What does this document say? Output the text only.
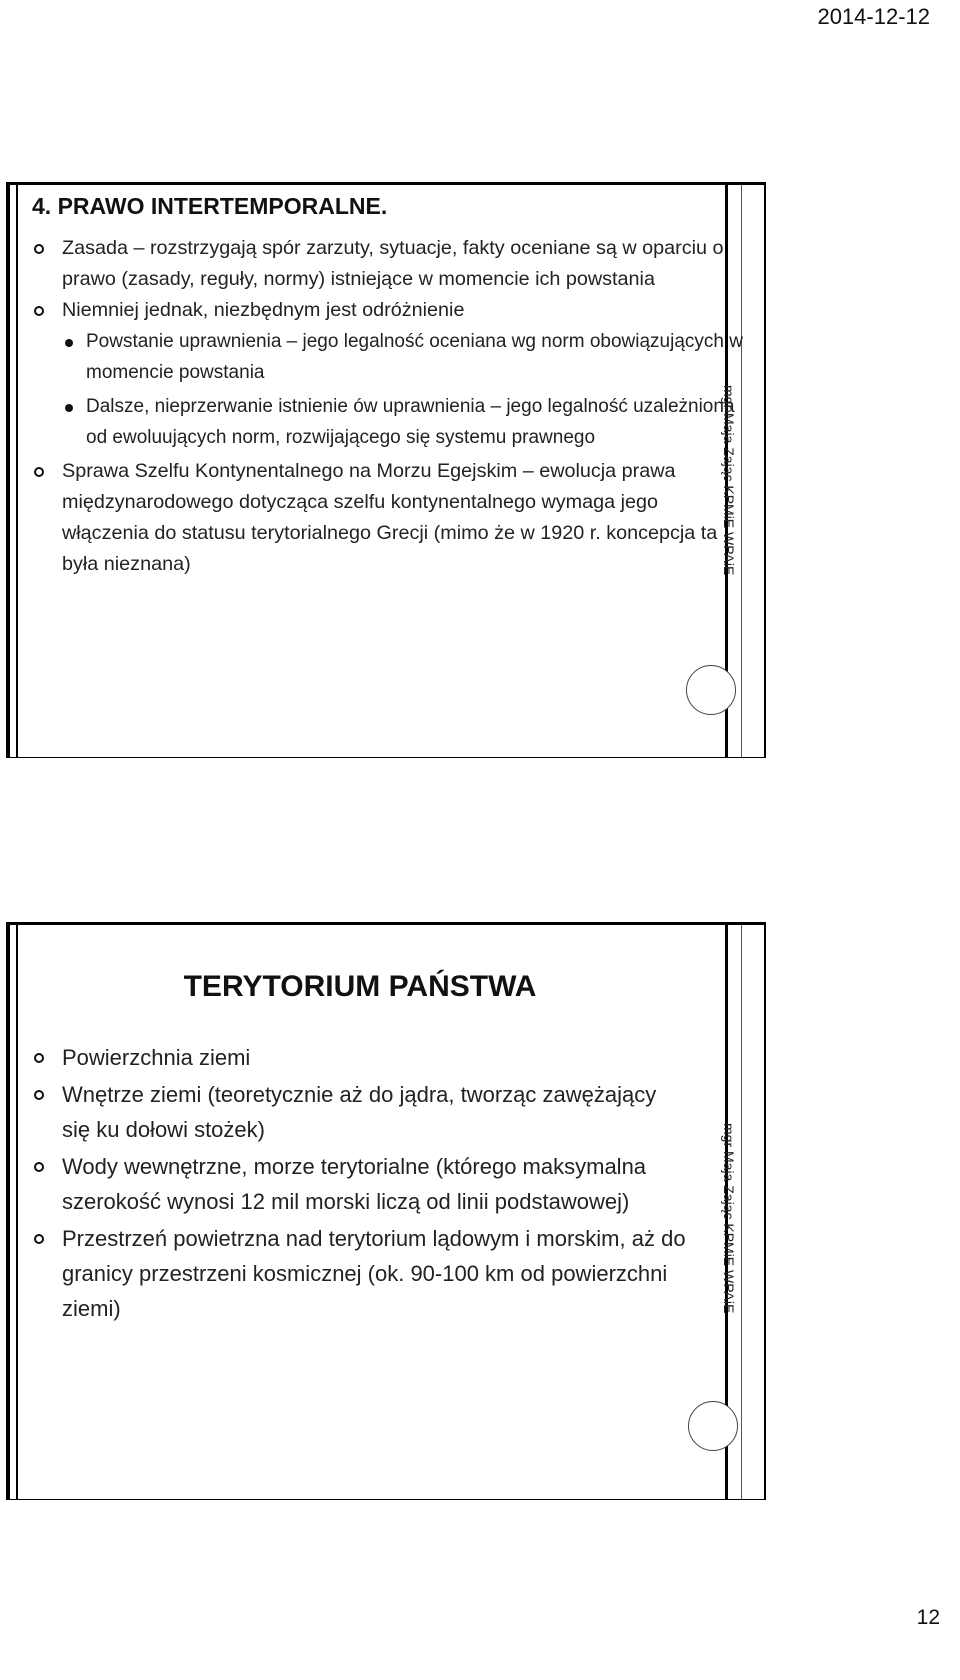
2014-12-12
mgr Maja Zając KPMiE WPAiE
4. PRAWO INTERTEMPORALNE.
Zasada – rozstrzygają spór zarzuty, sytuacje, fakty oceniane są w oparciu o prawo (zasady, reguły, normy) istniejące w momencie ich powstania
Niemniej jednak, niezbędnym jest odróżnienie
Powstanie uprawnienia – jego legalność oceniana wg norm obowiązujących w momencie powstania
Dalsze, nieprzerwanie istnienie ów uprawnienia – jego legalność uzależniona od ewoluujących norm, rozwijającego się systemu prawnego
Sprawa Szelfu Kontynentalnego na Morzu Egejskim – ewolucja prawa międzynarodowego dotycząca szelfu kontynentalnego wymaga jego włączenia do statusu terytorialnego Grecji (mimo że w 1920 r. koncepcja ta była nieznana)
mgr Maja Zając KPMiE WPAiE
TERYTORIUM PAŃSTWA
Powierzchnia ziemi
Wnętrze ziemi (teoretycznie aż do jądra, tworząc zawężający się ku dołowi stożek)
Wody wewnętrzne, morze terytorialne (którego maksymalna szerokość wynosi 12 mil morski liczą od linii podstawowej)
Przestrzeń powietrzna nad terytorium lądowym i morskim, aż do granicy przestrzeni kosmicznej (ok. 90-100 km od powierzchni ziemi)
12
